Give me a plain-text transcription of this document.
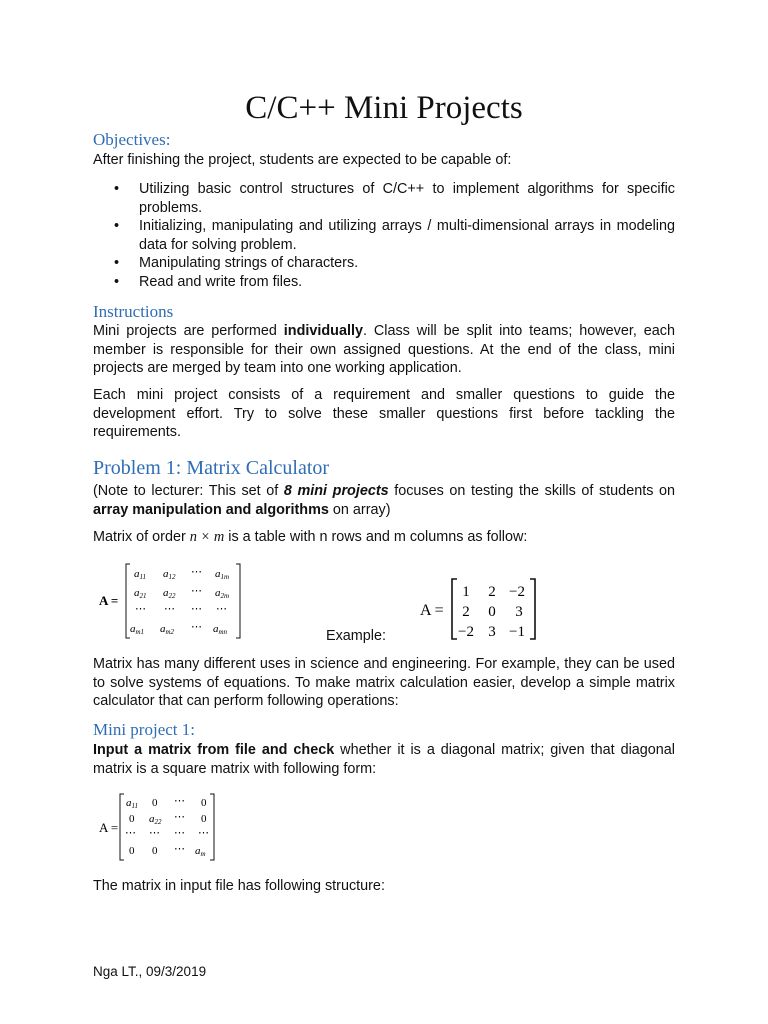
C/C++ Mini Projects
Objectives:
After finishing the project, students are expected to be capable of:
• Utilizing basic control structures of C/C++ to implement algorithms for specific problems.
• Initializing, manipulating and utilizing arrays / multi-dimensional arrays in modeling data for solving problem.
• Manipulating strings of characters.
• Read and write from files.
Instructions
Mini projects are performed individually. Class will be split into teams; however, each member is responsible for their own assigned questions. At the end of the class, mini projects are merged by team into one working application.
Each mini project consists of a requirement and smaller questions to guide the development effort. Try to solve these smaller questions first before tackling the requirements.
Problem 1: Matrix Calculator
(Note to lecturer: This set of 8 mini projects focuses on testing the skills of students on array manipulation and algorithms on array)
Matrix of order n × m is a table with n rows and m columns as follow:
A =
a11 a12 ⋯ a1m
a21 a22 ⋯ a2m
⋯ ⋯ ⋯ ⋯
am1 am2 ⋯ amn	Example:
A =
1 2 −2
2 0 3
−2 3 −1
Matrix has many different uses in science and engineering. For example, they can be used to solve systems of equations. To make matrix calculation easier, develop a simple matrix calculator that can perform following operations:
Mini project 1:
Input a matrix from file and check whether it is a diagonal matrix; given that diagonal matrix is a square matrix with following form:
A =
a11 0 ⋯ 0
0 a22 ⋯ 0
⋯ ⋯ ⋯ ⋯
0 0 ⋯ am
The matrix in input file has following structure:
Nga LT., 09/3/2019
